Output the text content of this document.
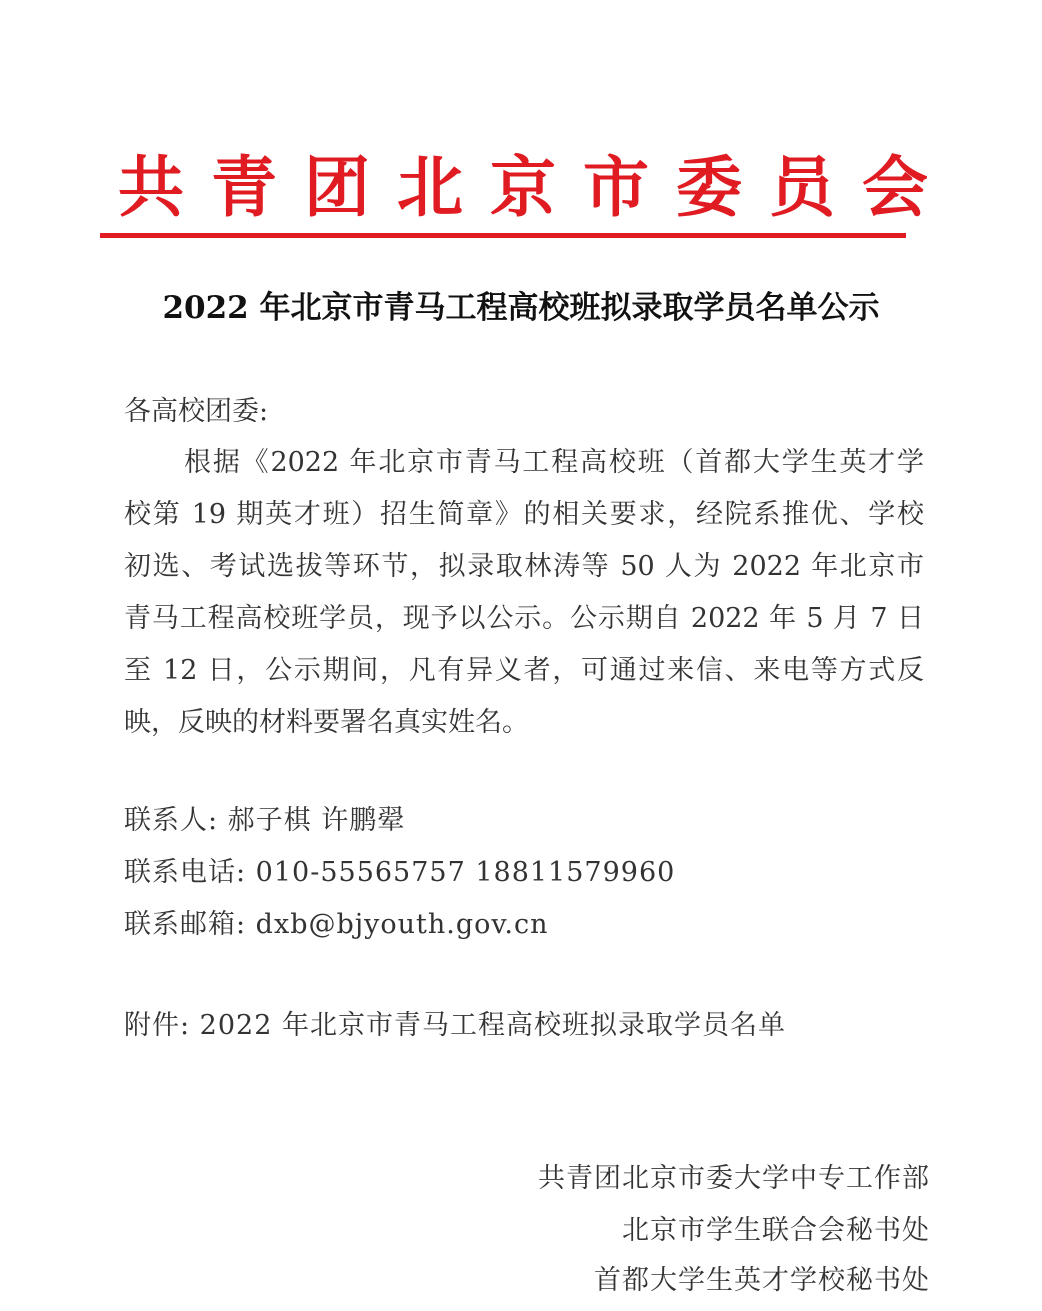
共 青 团 北 京 市 委 员 会
2022 年北京市青马工程高校班拟录取学员名单公示
各高校团委:
根据《2022 年北京市青马工程高校班（首都大学生英才学
校第 19 期英才班）招生简章》的相关要求，经院系推优、学校
初选、考试选拔等环节，拟录取林涛等 50 人为 2022 年北京市
青马工程高校班学员，现予以公示。公示期自 2022 年 5 月 7 日
至 12 日，公示期间，凡有异义者，可通过来信、来电等方式反
映，反映的材料要署名真实姓名。
联系人: 郝子棋 许鹏翚
联系电话: 010-55565757 18811579960
联系邮箱: dxb@bjyouth.gov.cn
附件: 2022 年北京市青马工程高校班拟录取学员名单
共青团北京市委大学中专工作部
北京市学生联合会秘书处
首都大学生英才学校秘书处
